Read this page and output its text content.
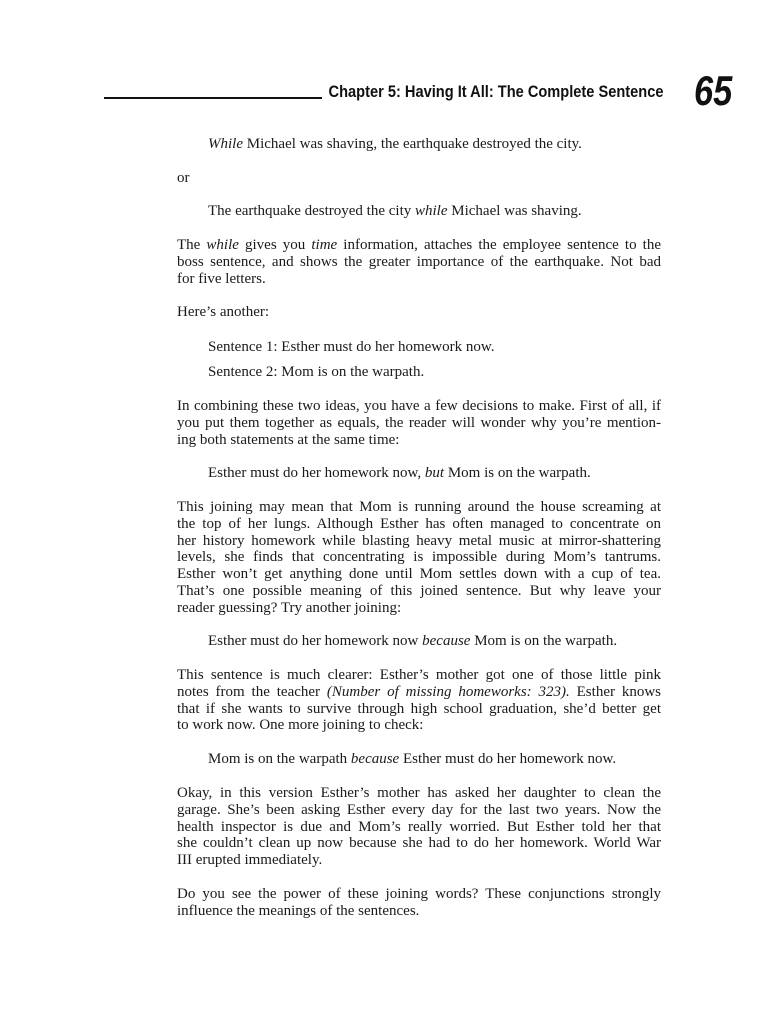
Chapter 5: Having It All: The Complete Sentence 65
While Michael was shaving, the earthquake destroyed the city.
or
The earthquake destroyed the city while Michael was shaving.
The while gives you time information, attaches the employee sentence to the
boss sentence, and shows the greater importance of the earthquake. Not bad
for five letters.
Here’s another:
Sentence 1: Esther must do her homework now.
Sentence 2: Mom is on the warpath.
In combining these two ideas, you have a few decisions to make. First of all, if
you put them together as equals, the reader will wonder why you’re mention-
ing both statements at the same time:
Esther must do her homework now, but Mom is on the warpath.
This joining may mean that Mom is running around the house screaming at
the top of her lungs. Although Esther has often managed to concentrate on
her history homework while blasting heavy metal music at mirror-shattering
levels, she finds that concentrating is impossible during Mom’s tantrums.
Esther won’t get anything done until Mom settles down with a cup of tea.
That’s one possible meaning of this joined sentence. But why leave your
reader guessing? Try another joining:
Esther must do her homework now because Mom is on the warpath.
This sentence is much clearer: Esther’s mother got one of those little pink
notes from the teacher (Number of missing homeworks: 323). Esther knows
that if she wants to survive through high school graduation, she’d better get
to work now. One more joining to check:
Mom is on the warpath because Esther must do her homework now.
Okay, in this version Esther’s mother has asked her daughter to clean the
garage. She’s been asking Esther every day for the last two years. Now the
health inspector is due and Mom’s really worried. But Esther told her that
she couldn’t clean up now because she had to do her homework. World War
III erupted immediately.
Do you see the power of these joining words? These conjunctions strongly
influence the meanings of the sentences.
